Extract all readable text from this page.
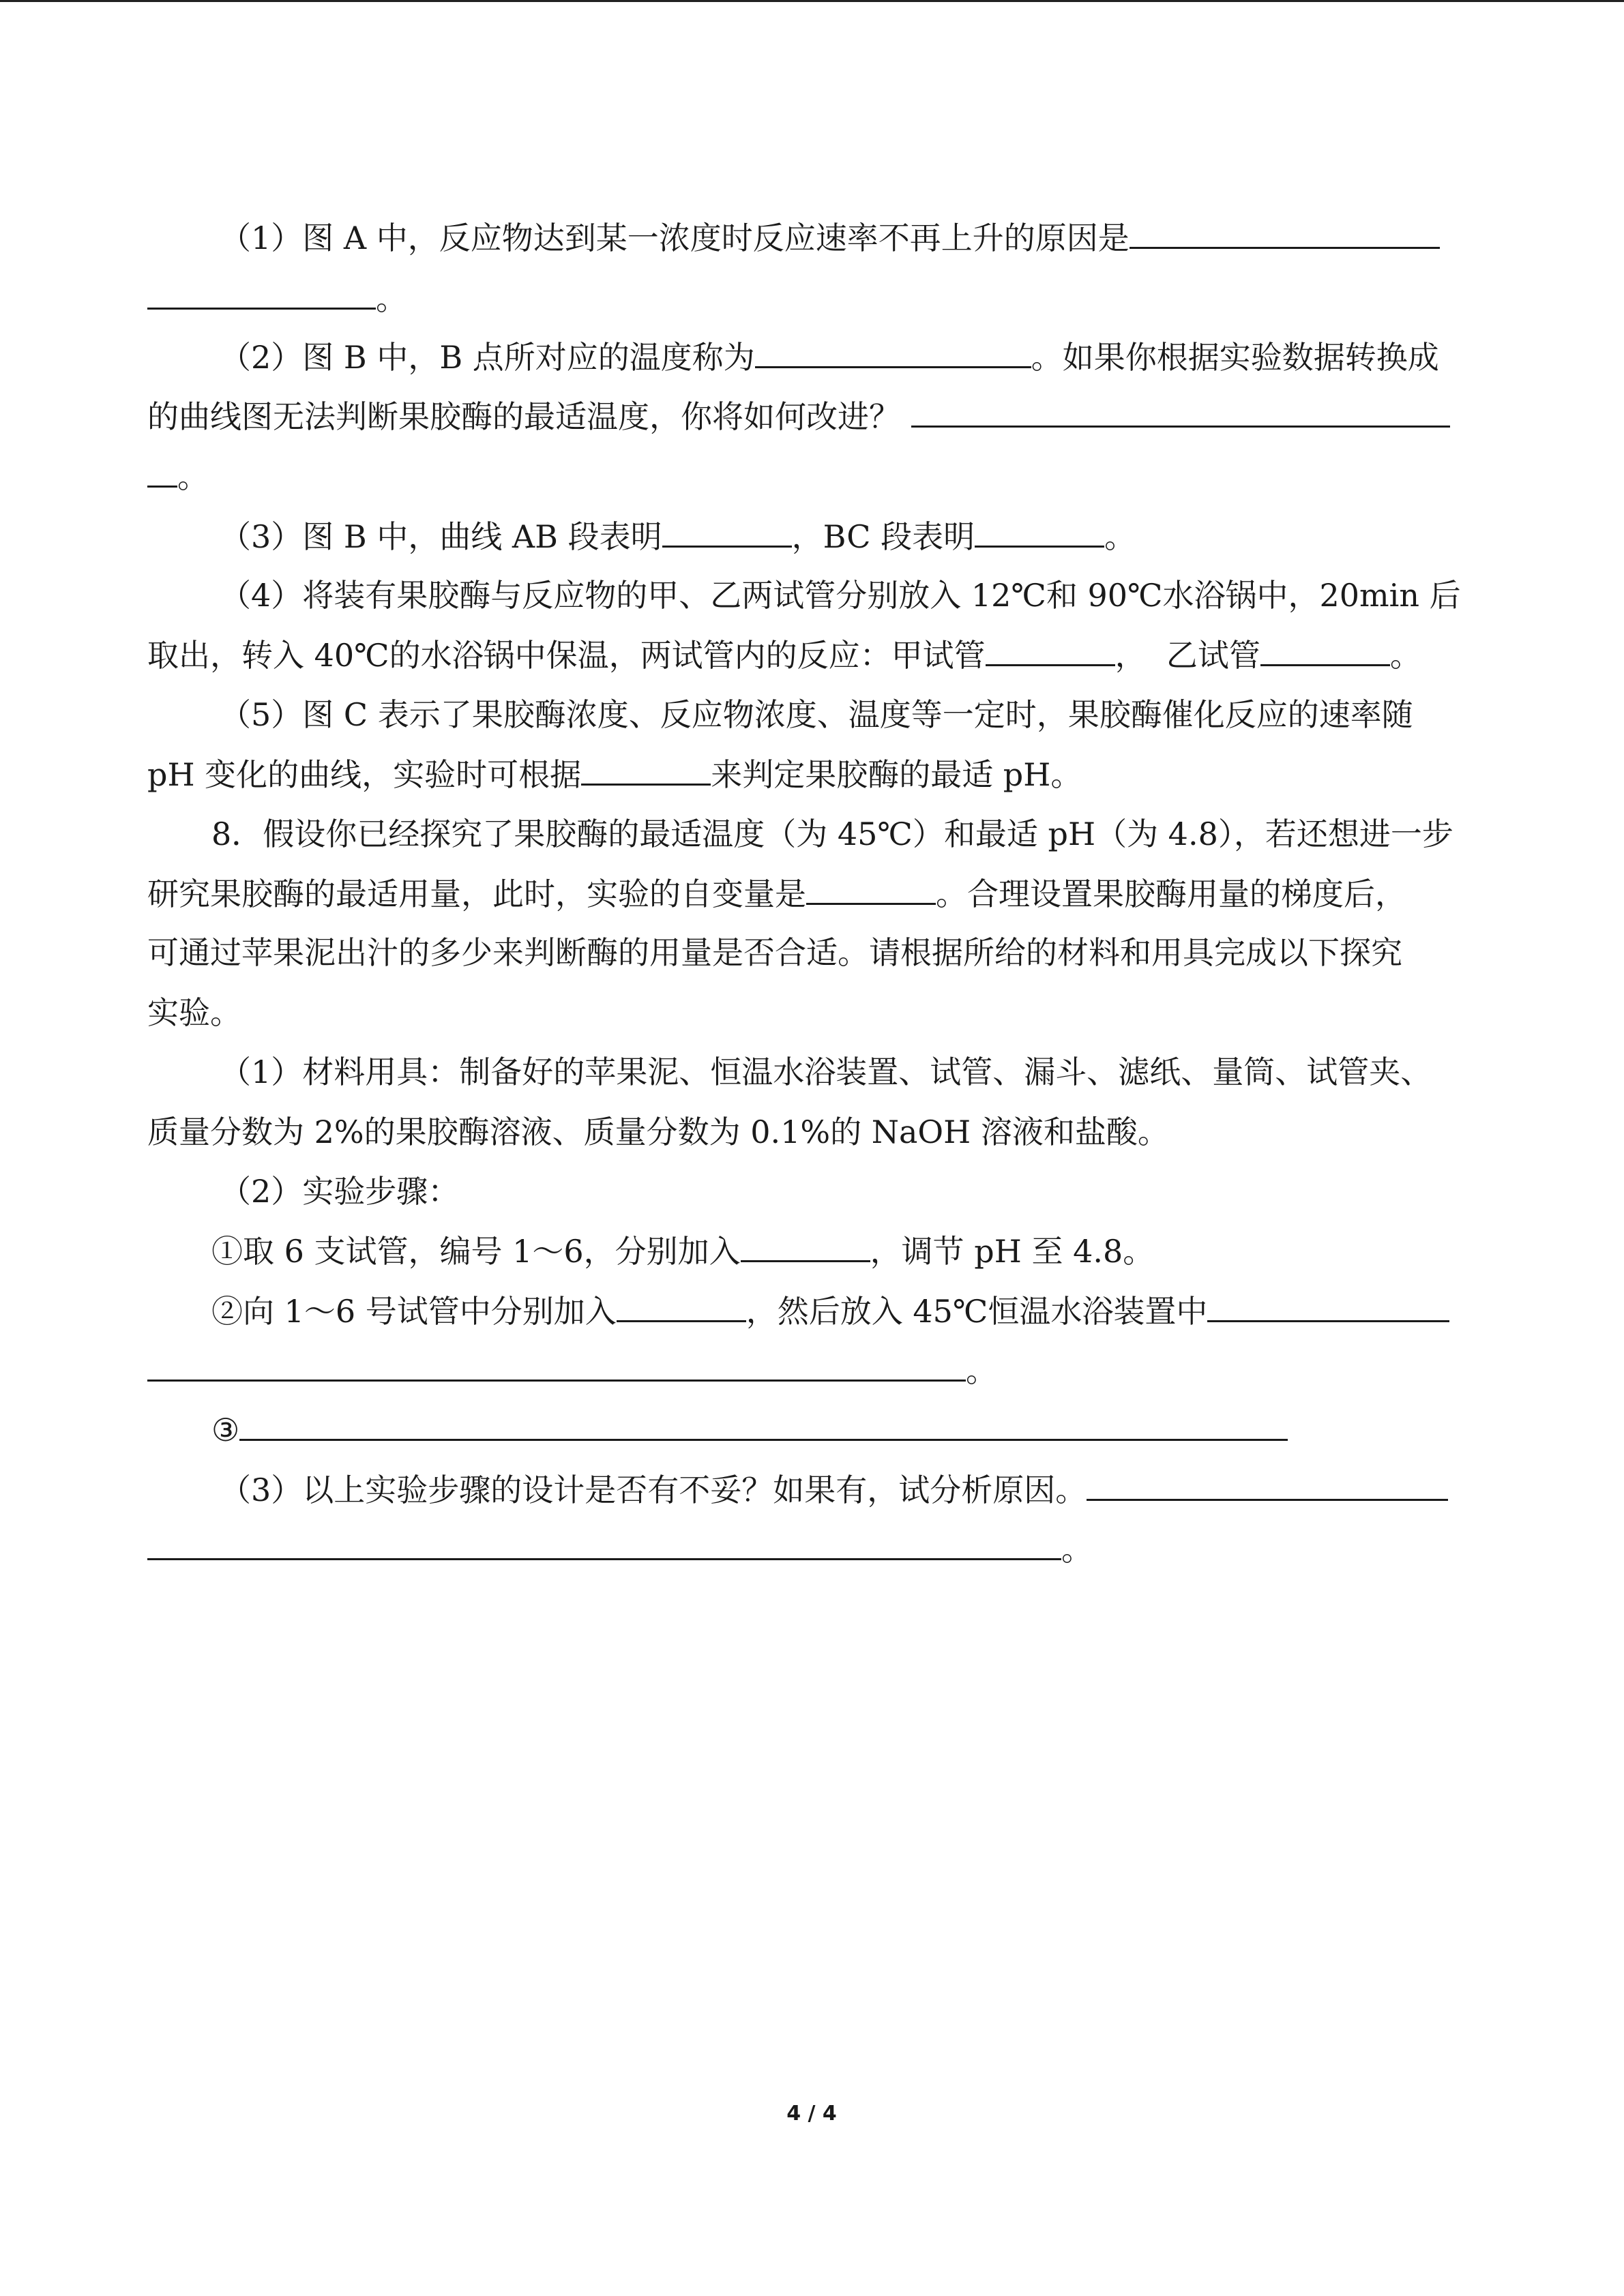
（1）图 A 中，反应物达到某一浓度时反应速率不再上升的原因是
。
（2）图 B 中，B 点所对应的温度称为	。如果你根据实验数据转换成
的曲线图无法判断果胶酶的最适温度，你将如何改进？
。
（3）图 B 中，曲线 AB 段表明	，BC 段表明	。
（4）将装有果胶酶与反应物的甲、乙两试管分别放入 12℃和 90℃水浴锅中，20min 后
取出，转入 40℃的水浴锅中保温，两试管内的反应：甲试管	，  乙试管	。
（5）图 C 表示了果胶酶浓度、反应物浓度、温度等一定时，果胶酶催化反应的速率随
pH 变化的曲线，实验时可根据	来判定果胶酶的最适 pH。
8．假设你已经探究了果胶酶的最适温度（为 45℃）和最适 pH（为 4.8），若还想进一步
研究果胶酶的最适用量，此时，实验的自变量是	。合理设置果胶酶用量的梯度后，
可通过苹果泥出汁的多少来判断酶的用量是否合适。请根据所给的材料和用具完成以下探究
实验。
（1）材料用具：制备好的苹果泥、恒温水浴装置、试管、漏斗、滤纸、量筒、试管夹、
质量分数为 2%的果胶酶溶液、质量分数为 0.1%的 NaOH 溶液和盐酸。
（2）实验步骤：
①取 6 支试管，编号 1～6，分别加入	，调节 pH 至 4.8。
②向 1～6 号试管中分别加入	，然后放入 45℃恒温水浴装置中
。
③
（3）以上实验步骤的设计是否有不妥？如果有，试分析原因。
。
4 / 4
